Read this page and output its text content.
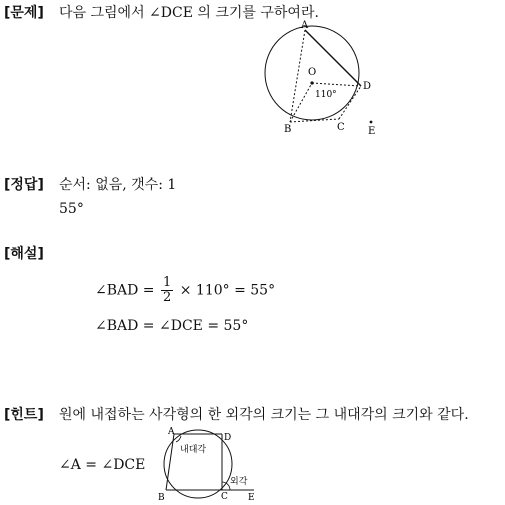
[문제] 다음 그림에서 ∠DCE 의 크기를 구하여라.
A
O
D
B	C E
110°
[정답] 순서: 없음, 갯수: 1
55°
[해설]
∠BAD = $\frac{1}{2} \times 110^\circ = 55^\circ$
∠BAD = ∠DCE = 55°
[힌트] 원에 내접하는 사각형의 한 외각의 크기는 그 내대각의 크기와 같다.
∠A = ∠DCE
A
D
B	C E
내대각
외각
